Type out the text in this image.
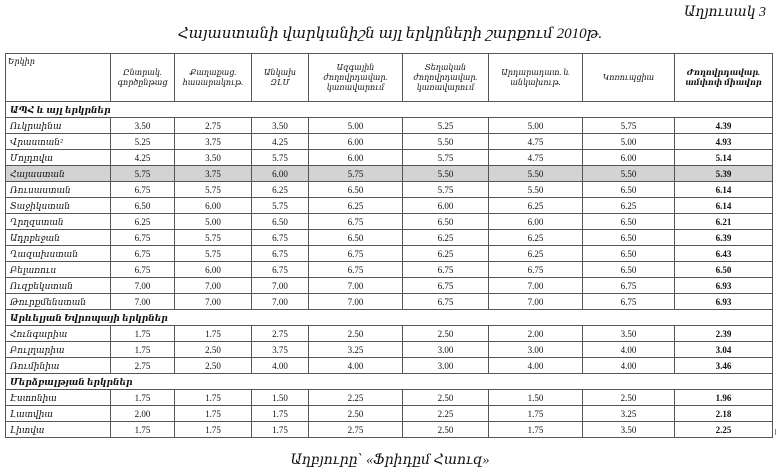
Աղյուսակ 3
Հայաստանի վարկանիշն այլ երկրների շարքում 2010թ.
Երկիր	Ընտրակ. գործընթաց	Քաղաքաց. հասարակութ.	Անկախ ԶԼՄ	Ազգային ժողովրդավար. կառավարում	Տեղական ժողովրդավար. կառավարում	Արդարադատ. և անկախութ.	Կոռուպցիա	Ժողովրդավար. ամփոփ միավոր
ԱՊՀ և այլ երկրներ								
Ուկրաինա	3.50	2.75	3.50	5.00	5.25	5.00	5.75	4.39
Վրաստան²	5.25	3.75	4.25	6.00	5.50	4.75	5.00	4.93
Մոլդովա	4.25	3.50	5.75	6.00	5.75	4.75	6.00	5.14
Հայաստան	5.75	3.75	6.00	5.75	5.50	5.50	5.50	5.39
Ռուսաստան	6.75	5.75	6.25	6.50	5.75	5.50	6.50	6.14
Տաջիկստան	6.50	6.00	5.75	6.25	6.00	6.25	6.25	6.14
Ղրղզստան	6.25	5.00	6.50	6.75	6.50	6.00	6.50	6.21
Ադրբեջան	6.75	5.75	6.75	6.50	6.25	6.25	6.50	6.39
Ղազախստան	6.75	5.75	6.75	6.75	6.25	6.25	6.50	6.43
Բելառուս	6.75	6.00	6.75	6.75	6.75	6.75	6.50	6.50
Ուզբեկստան	7.00	7.00	7.00	7.00	6.75	7.00	6.75	6.93
Թուրքմենստան	7.00	7.00	7.00	7.00	6.75	7.00	6.75	6.93
Արևելյան Եվրոպայի երկրներ								
Հունգարիա	1.75	1.75	2.75	2.50	2.50	2.00	3.50	2.39
Բուլղարիա	1.75	2.50	3.75	3.25	3.00	3.00	4.00	3.04
Ռումինիա	2.75	2.50	4.00	4.00	3.00	4.00	4.00	3.46
Մերձբալթյան երկրներ								
Էստոնիա	1.75	1.75	1.50	2.25	2.50	1.50	2.50	1.96
Լատվիա	2.00	1.75	1.75	2.50	2.25	1.75	3.25	2.18
Լիտվա	1.75	1.75	1.75	2.75	2.50	1.75	3.50	2.25
Աղբյուրը՝ «Ֆրիդըմ Հաուզ»
